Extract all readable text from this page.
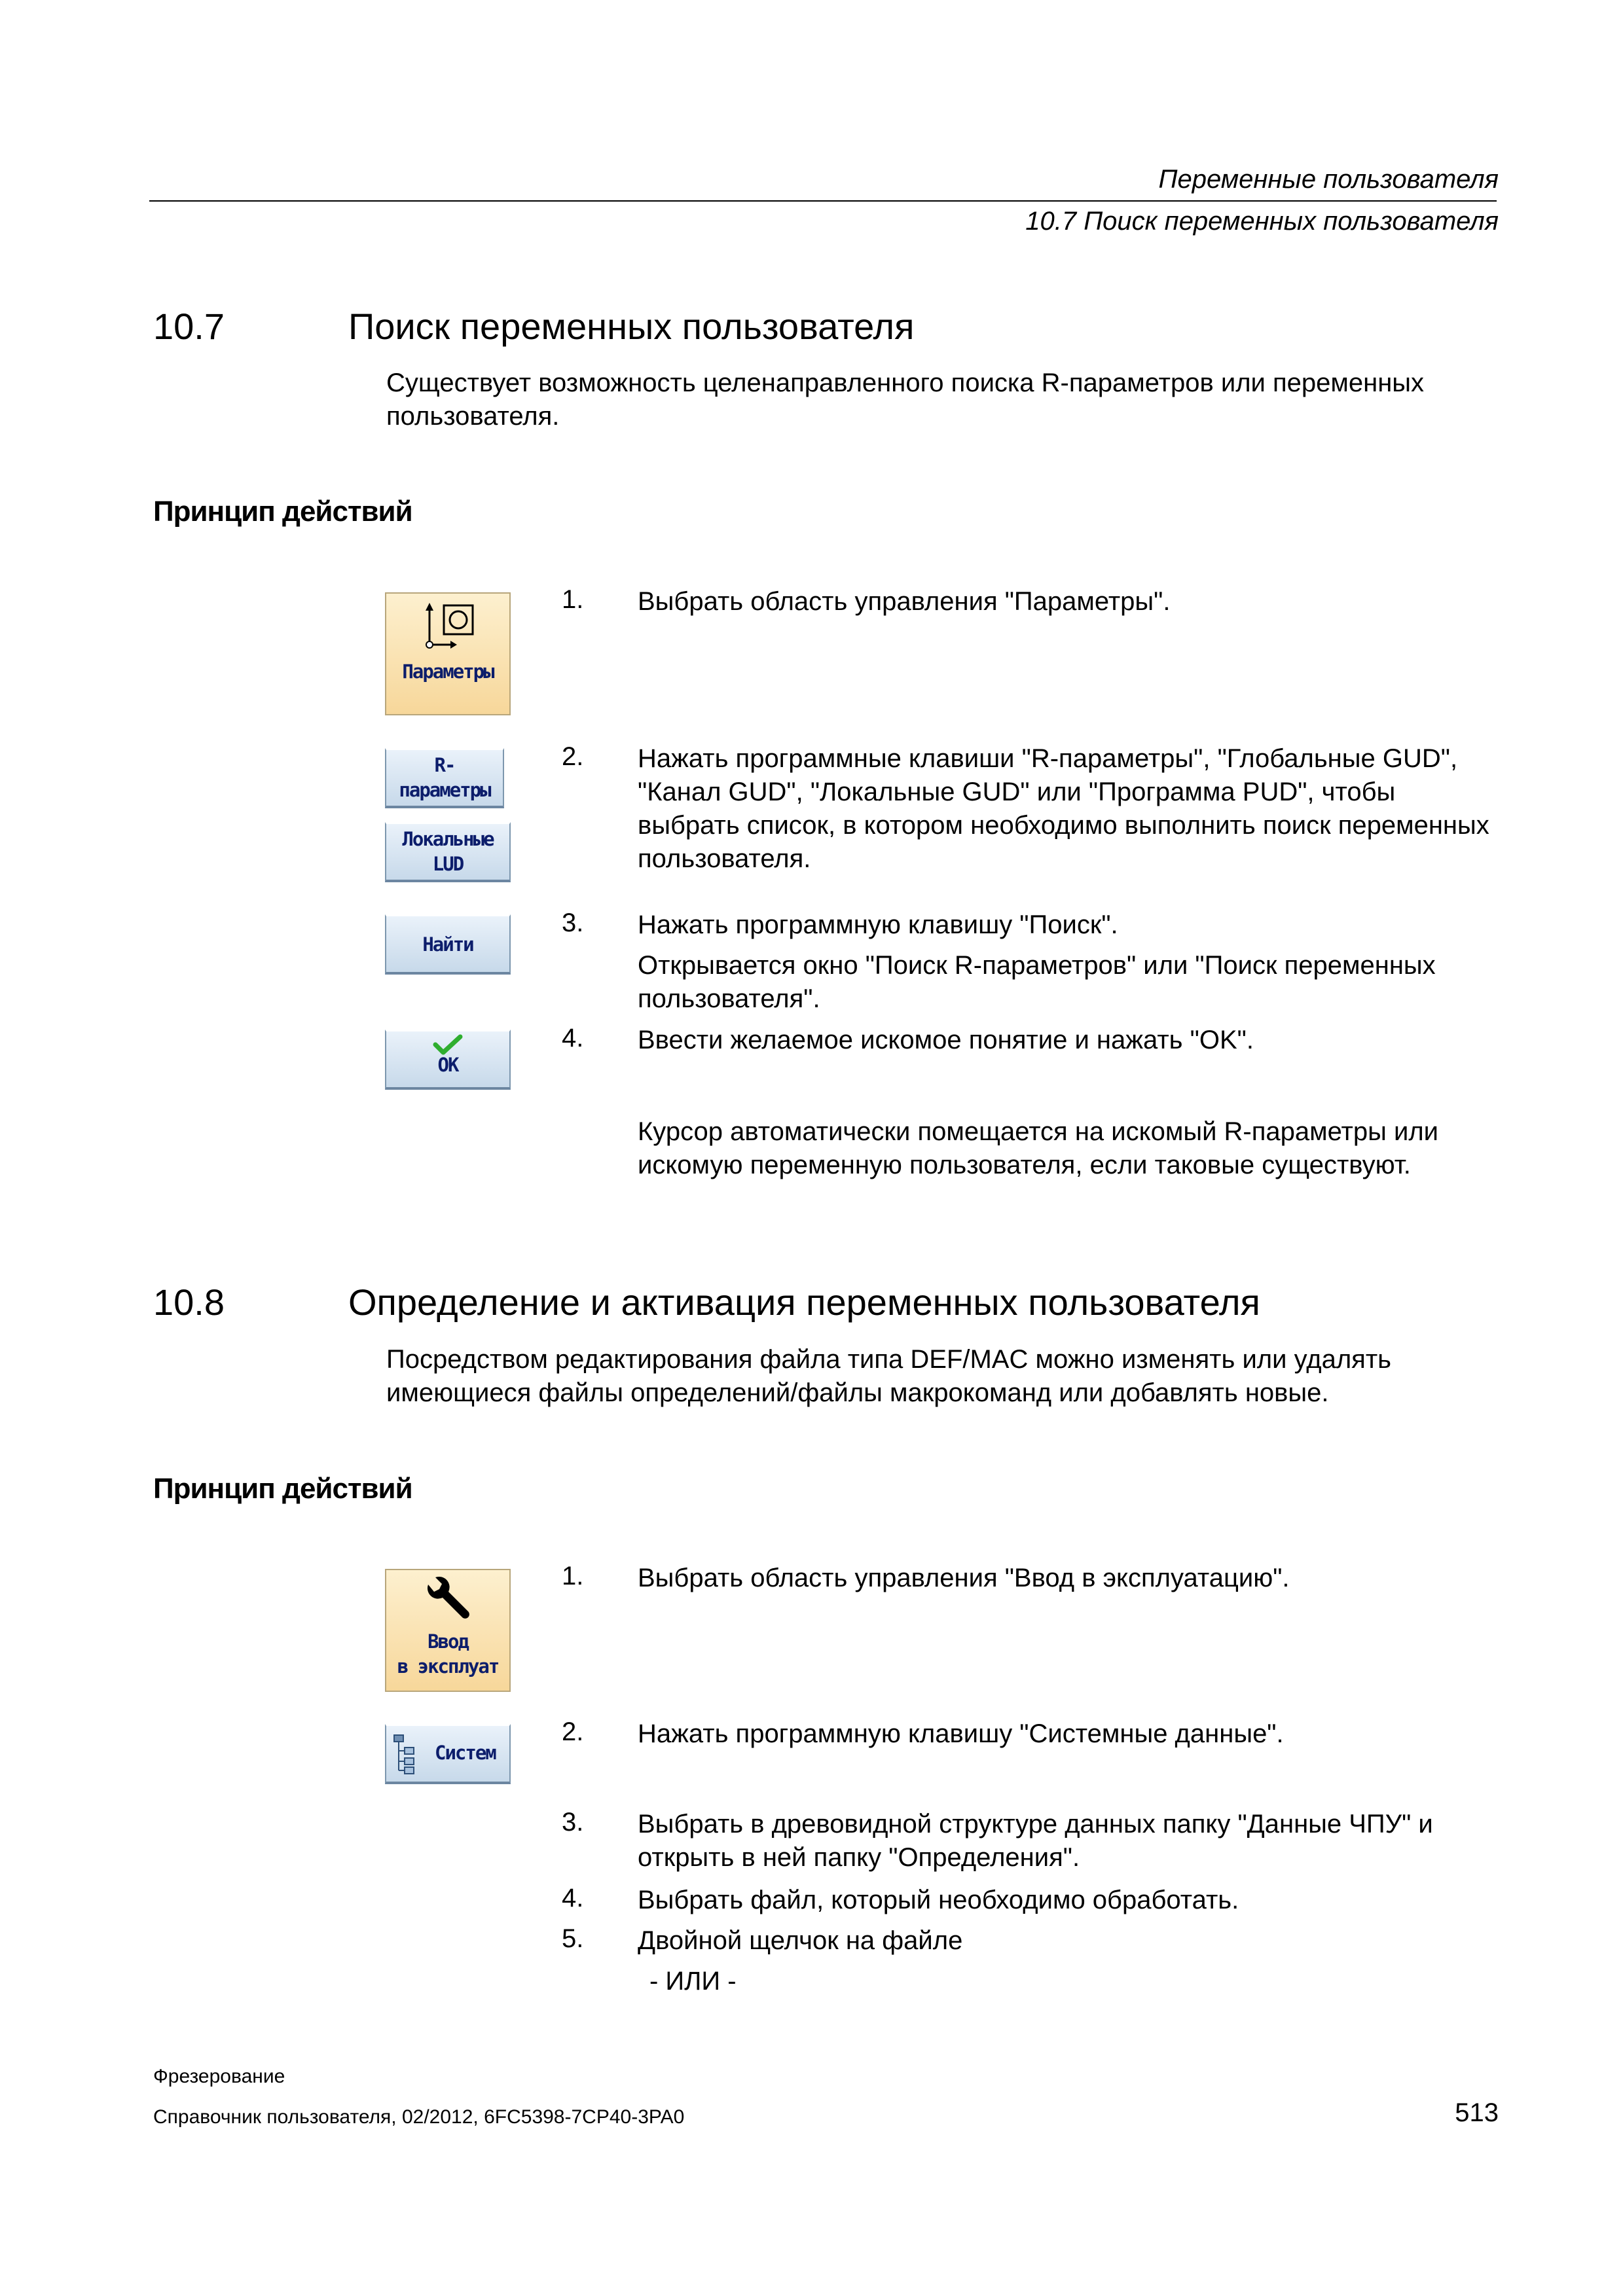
Переменные пользователя
10.7 Поиск переменных пользователя
10.7	Поиск переменных пользователя
Существует возможность целенаправленного поиска R-параметров или переменных пользователя.
Принцип действий
Параметры
R-
параметры
Локальные
LUD
Найти
OK
1. Выбрать область управления "Параметры".
2. Нажать программные клавиши "R-параметры", "Глобальные GUD", "Канал GUD", "Локальные GUD" или "Программа PUD", чтобы выбрать список, в котором необходимо выполнить поиск переменных пользователя.
3. Нажать программную клавишу "Поиск".
Открывается окно "Поиск R-параметров" или "Поиск переменных пользователя".
4. Ввести желаемое искомое понятие и нажать "OK".
Курсор автоматически помещается на искомый R-параметры или искомую переменную пользователя, если таковые существуют.
10.8	Определение и активация переменных пользователя
Посредством редактирования файла типа DEF/MAC можно изменять или удалять имеющиеся файлы определений/файлы макрокоманд или добавлять новые.
Принцип действий
Ввод
в эксплуат
Систем
1. Выбрать область управления "Ввод в эксплуатацию".
2. Нажать программную клавишу "Системные данные".
3. Выбрать в древовидной структуре данных папку "Данные ЧПУ" и открыть в ней папку "Определения".
4. Выбрать файл, который необходимо обработать.
5. Двойной щелчок на файле
- ИЛИ -
Фрезерование
Справочник пользователя, 02/2012, 6FC5398-7CP40-3PA0	513
